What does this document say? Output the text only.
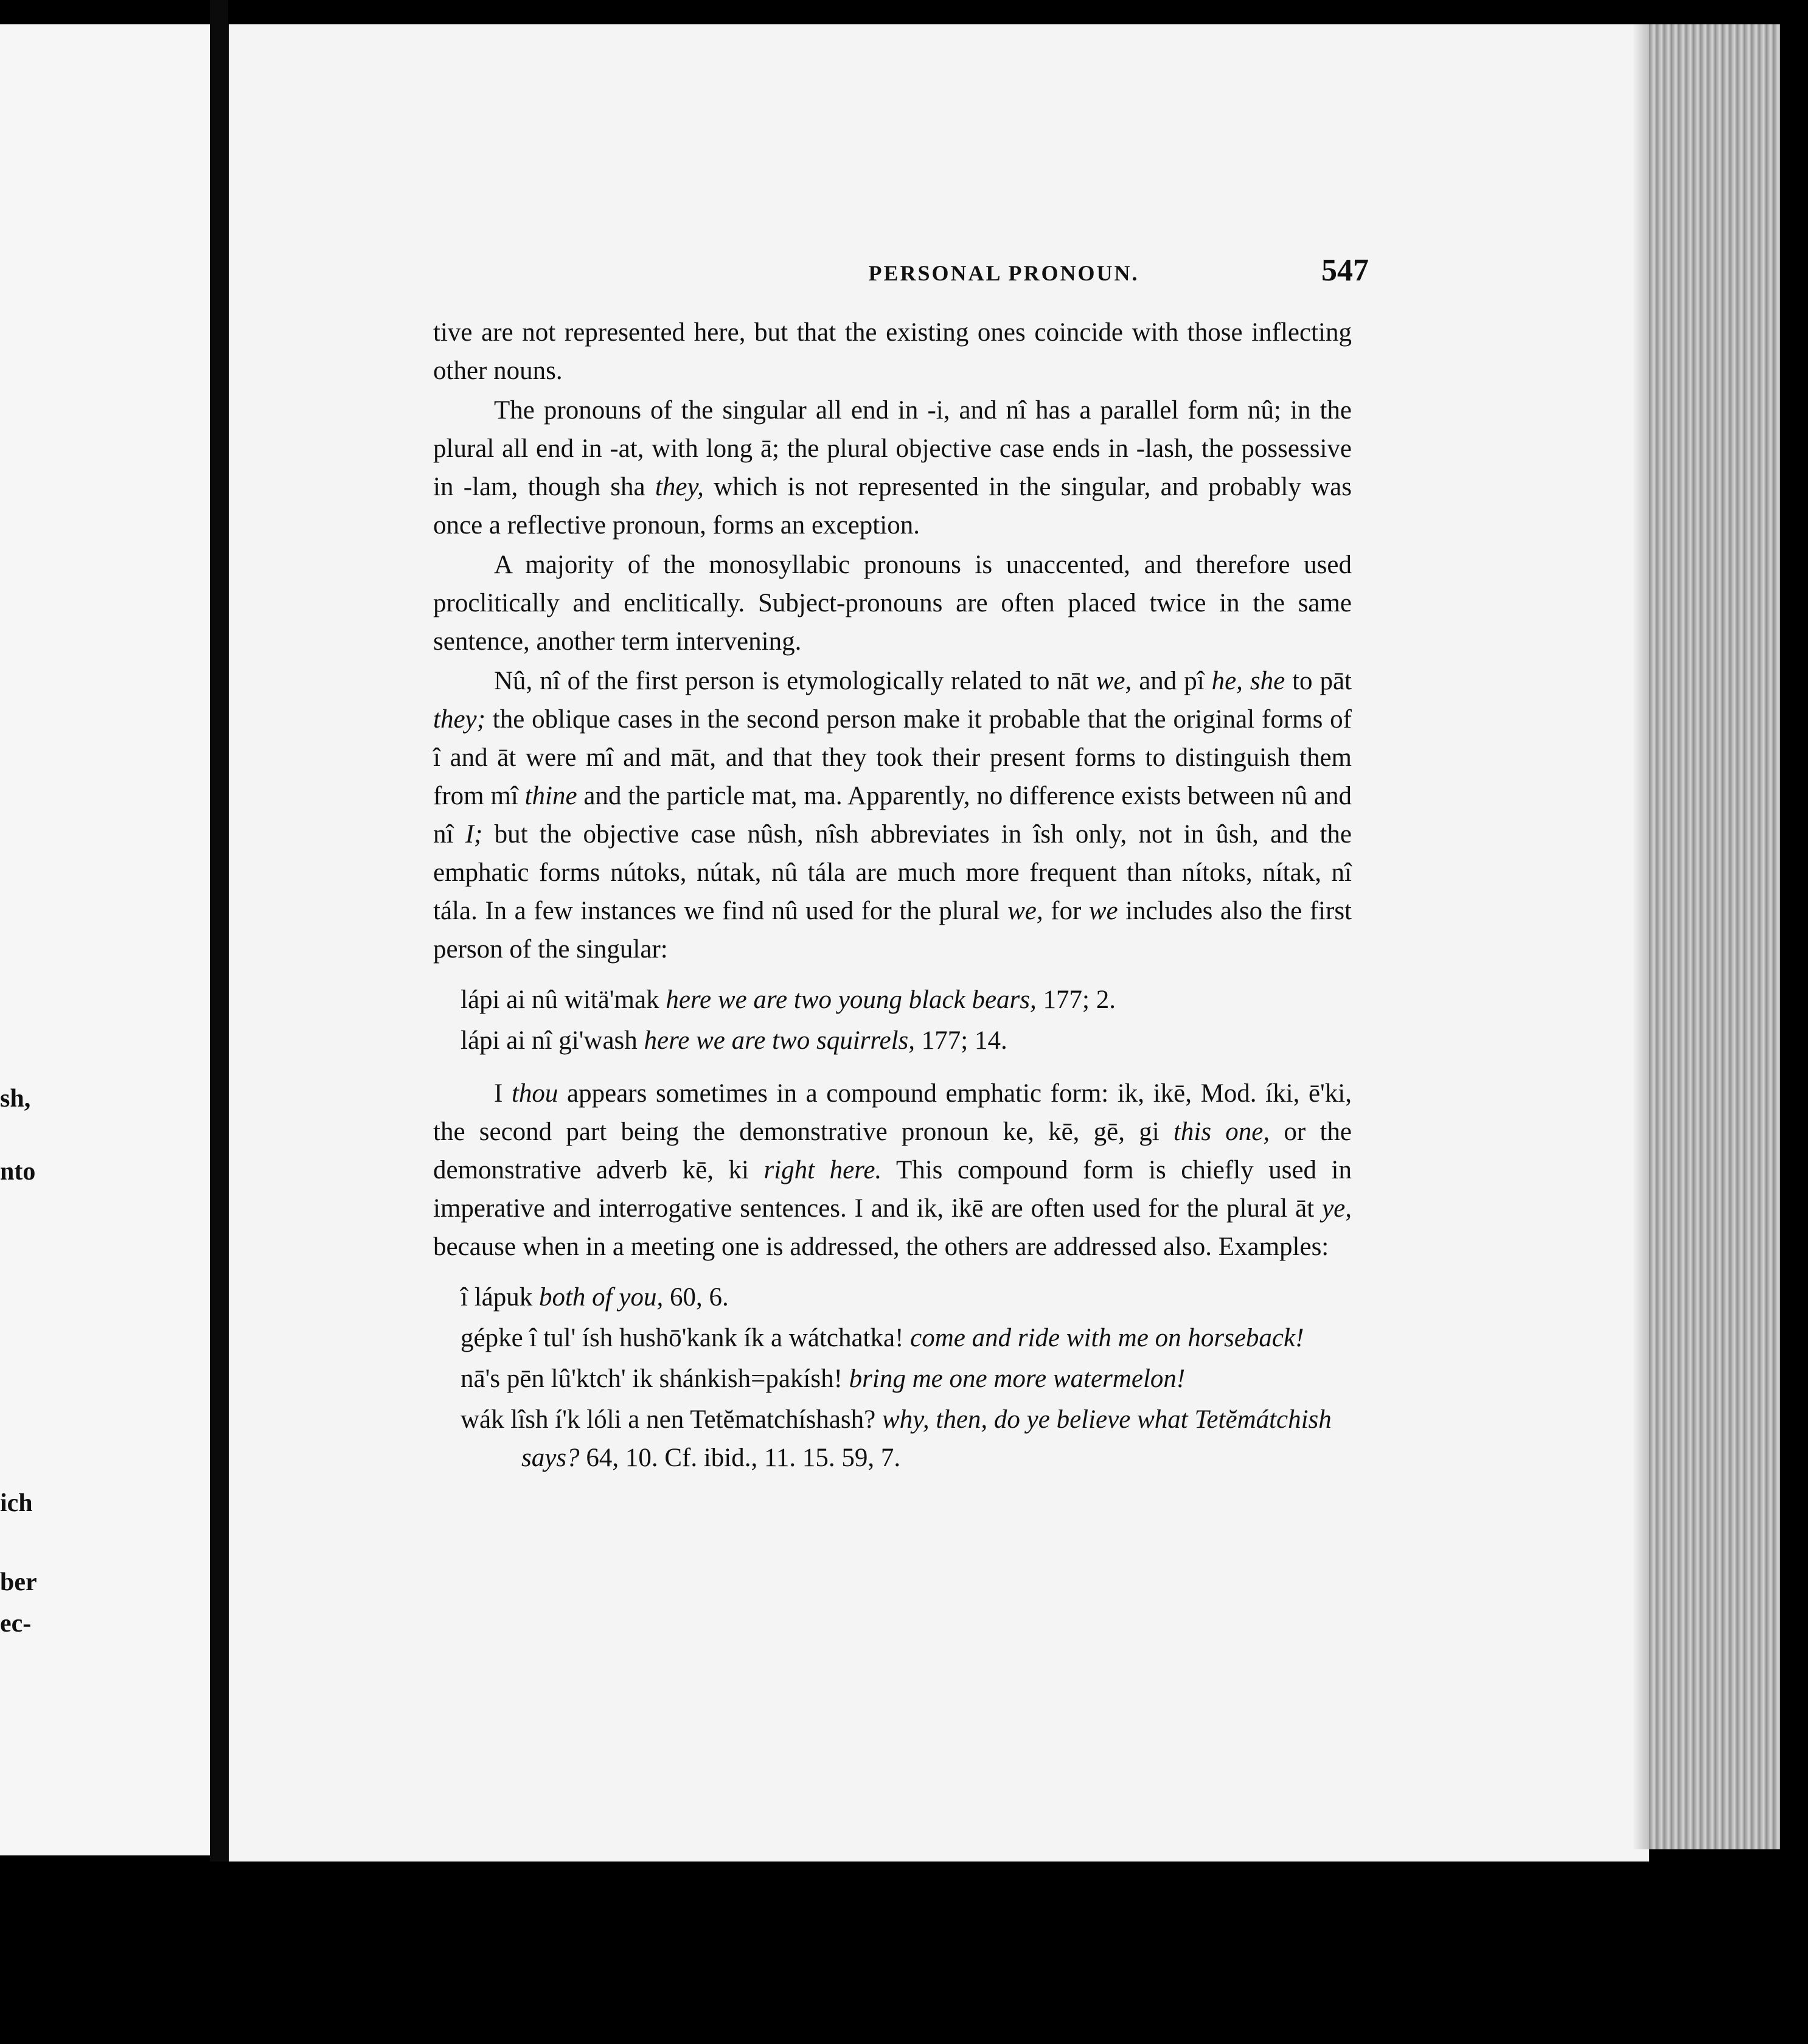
sh,
nto
ich
ber
ec-
PERSONAL PRONOUN.	547

tive are not represented here, but that the existing ones coincide with those inflecting other nouns.

The pronouns of the singular all end in -i, and nî has a parallel form nû; in the plural all end in -at, with long ā; the plural objective case ends in -lash, the possessive in -lam, though sha they, which is not represented in the singular, and probably was once a reflective pronoun, forms an exception.

A majority of the monosyllabic pronouns is unaccented, and therefore used proclitically and enclitically. Subject-pronouns are often placed twice in the same sentence, another term intervening.

Nû, nî of the first person is etymologically related to nāt we, and pî he, she to pāt they; the oblique cases in the second person make it probable that the original forms of î and āt were mî and māt, and that they took their present forms to distinguish them from mî thine and the particle mat, ma. Apparently, no difference exists between nû and nî I; but the objective case nûsh, nîsh abbreviates in îsh only, not in ûsh, and the emphatic forms nútoks, nútak, nû tála are much more frequent than nítoks, nítak, nî tála. In a few instances we find nû used for the plural we, for we includes also the first person of the singular:

lápi ai nû witä'mak here we are two young black bears, 177; 2.
lápi ai nî gi'wash here we are two squirrels, 177; 14.

I thou appears sometimes in a compound emphatic form: ik, ikē, Mod. íki, ē'ki, the second part being the demonstrative pronoun ke, kē, gē, gi this one, or the demonstrative adverb kē, ki right here. This compound form is chiefly used in imperative and interrogative sentences. I and ik, ikē are often used for the plural āt ye, because when in a meeting one is addressed, the others are addressed also. Examples:

î lápuk both of you, 60, 6.
gépke î tul' ísh hushō'kank ík a wátchatka! come and ride with me on horseback!
nā's pēn lû'ktch' ik shánkish=pakísh! bring me one more watermelon!
wák lîsh í'k lóli a nen Tetĕmatchíshash? why, then, do ye believe what Tetĕmátchish says? 64, 10. Cf. ibid., 11. 15. 59, 7.
